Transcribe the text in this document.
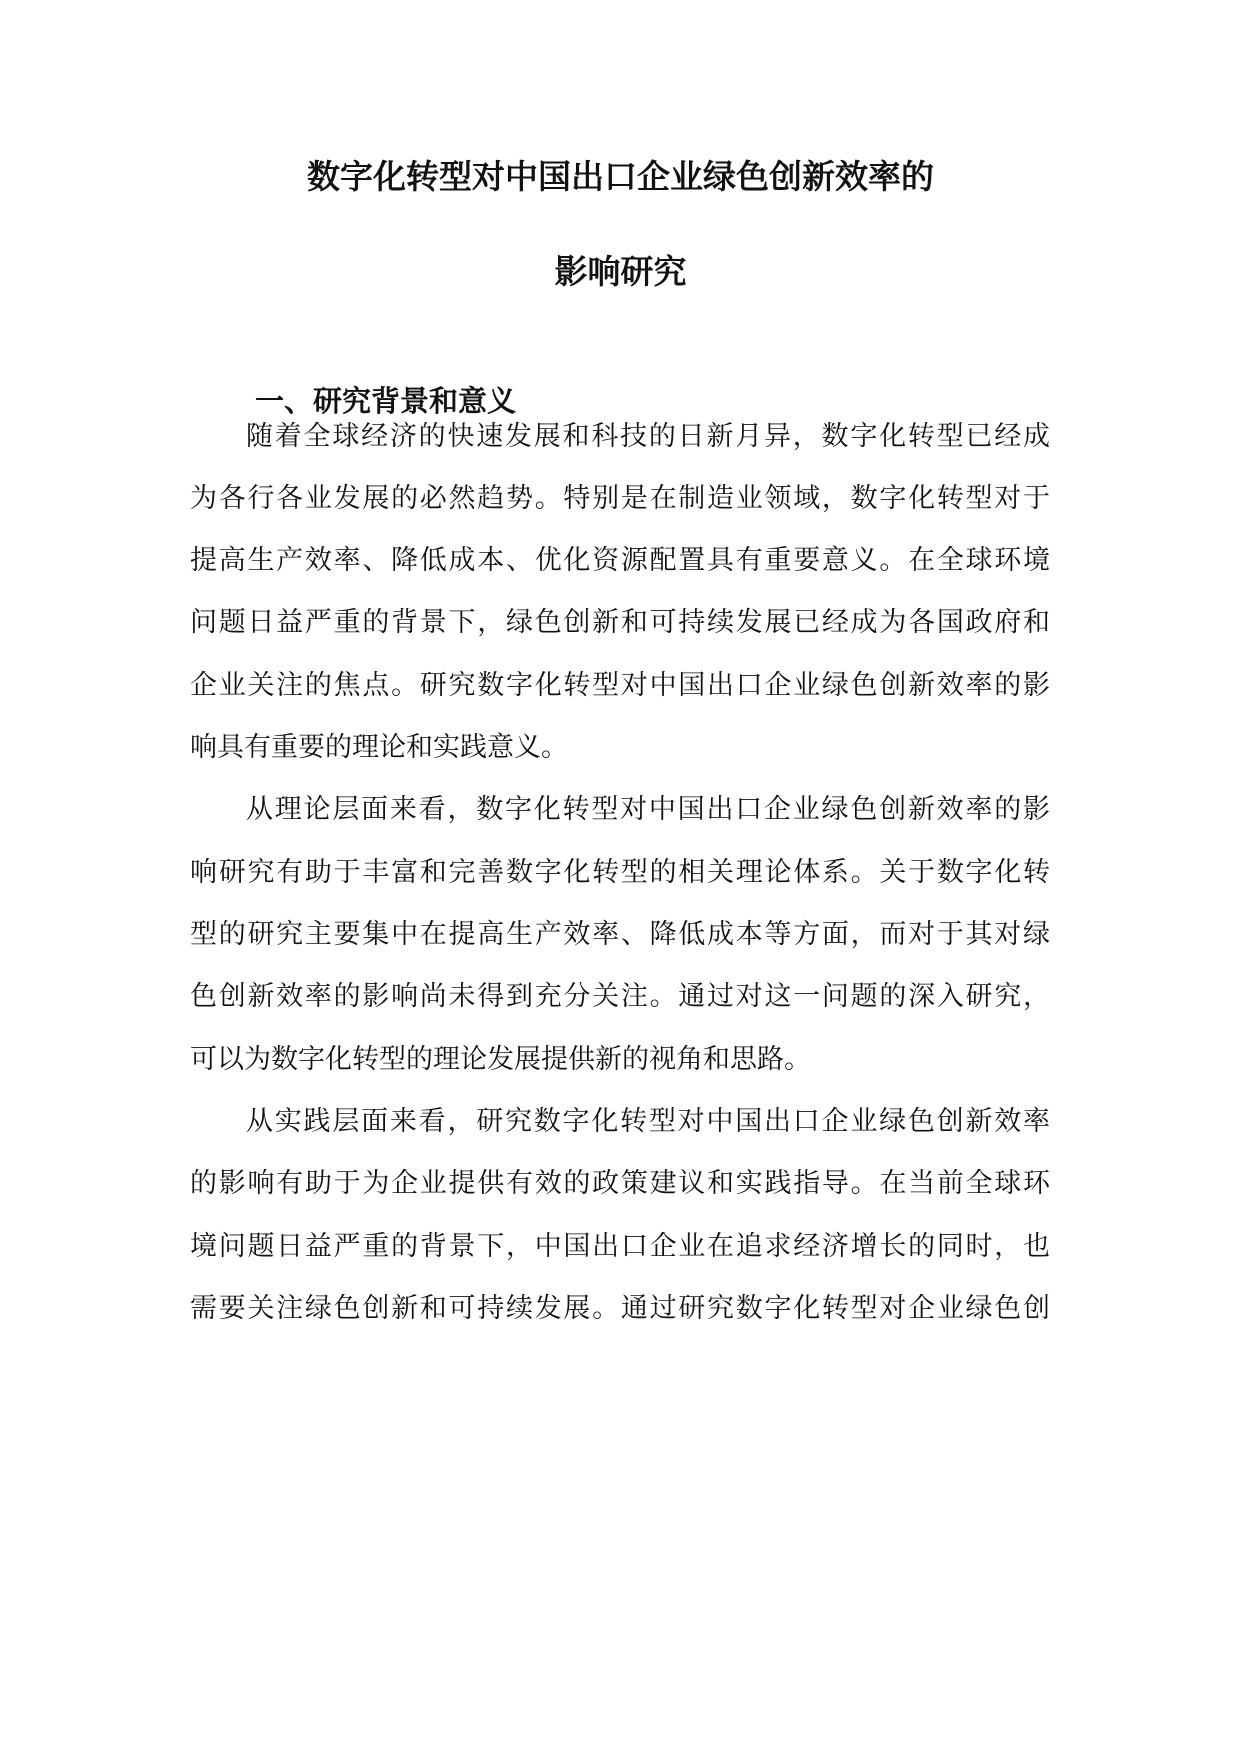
数字化转型对中国出口企业绿色创新效率的
影响研究
一、研究背景和意义
随着全球经济的快速发展和科技的日新月异，数字化转型已经成
为各行各业发展的必然趋势。特别是在制造业领域，数字化转型对于
提高生产效率、降低成本、优化资源配置具有重要意义。在全球环境
问题日益严重的背景下，绿色创新和可持续发展已经成为各国政府和
企业关注的焦点。研究数字化转型对中国出口企业绿色创新效率的影
响具有重要的理论和实践意义。
从理论层面来看，数字化转型对中国出口企业绿色创新效率的影
响研究有助于丰富和完善数字化转型的相关理论体系。关于数字化转
型的研究主要集中在提高生产效率、降低成本等方面，而对于其对绿
色创新效率的影响尚未得到充分关注。通过对这一问题的深入研究，
可以为数字化转型的理论发展提供新的视角和思路。
从实践层面来看，研究数字化转型对中国出口企业绿色创新效率
的影响有助于为企业提供有效的政策建议和实践指导。在当前全球环
境问题日益严重的背景下，中国出口企业在追求经济增长的同时，也
需要关注绿色创新和可持续发展。通过研究数字化转型对企业绿色创
